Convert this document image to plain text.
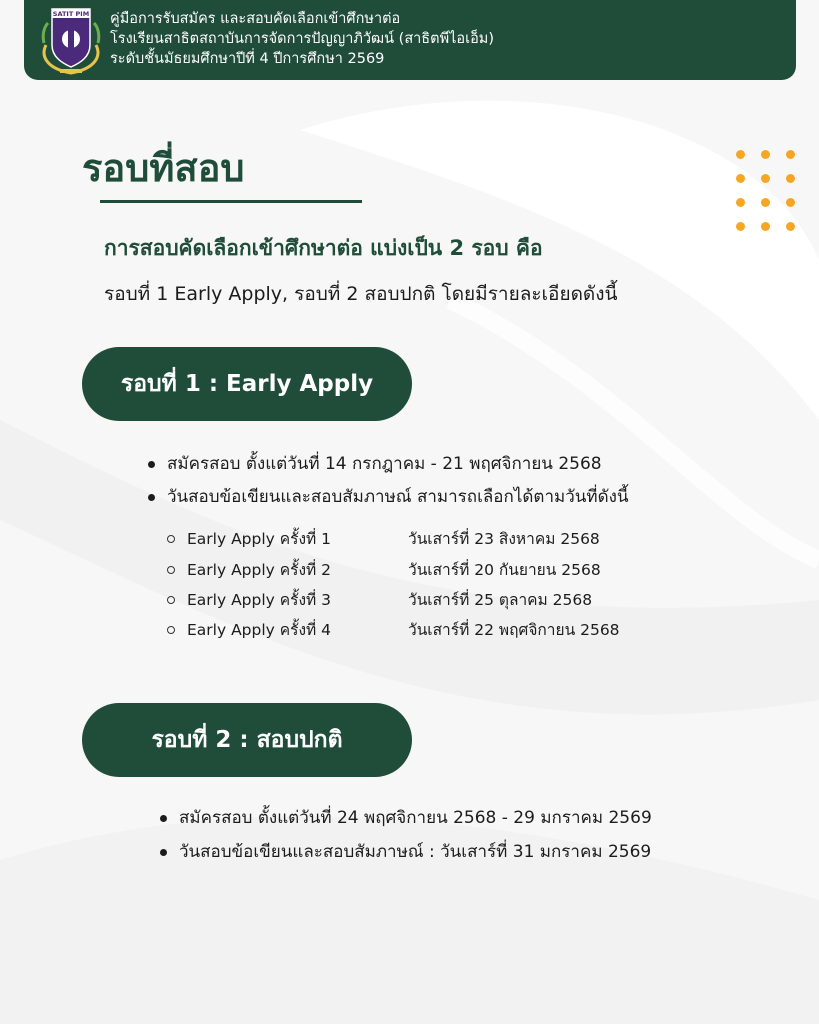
SATIT PIM คู่มือการรับสมัคร และสอบคัดเลือกเข้าศึกษาต่อ
โรงเรียนสาธิตสถาบันการจัดการปัญญาภิวัฒน์ (สาธิตพีไอเอ็ม)
ระดับชั้นมัธยมศึกษาปีที่ 4 ปีการศึกษา 2569
รอบที่สอบ
การสอบคัดเลือกเข้าศึกษาต่อ แบ่งเป็น 2 รอบ คือ
รอบที่ 1 Early Apply, รอบที่ 2 สอบปกติ โดยมีรายละเอียดดังนี้
รอบที่ 1 : Early Apply
สมัครสอบ ตั้งแต่วันที่ 14 กรกฎาคม - 21 พฤศจิกายน 2568
วันสอบข้อเขียนและสอบสัมภาษณ์ สามารถเลือกได้ตามวันที่ดังนี้
Early Apply ครั้งที่ 1	วันเสาร์ที่ 23 สิงหาคม 2568
Early Apply ครั้งที่ 2	วันเสาร์ที่ 20 กันยายน 2568
Early Apply ครั้งที่ 3	วันเสาร์ที่ 25 ตุลาคม 2568
Early Apply ครั้งที่ 4	วันเสาร์ที่ 22 พฤศจิกายน 2568
รอบที่ 2 : สอบปกติ
สมัครสอบ ตั้งแต่วันที่ 24 พฤศจิกายน 2568 - 29 มกราคม 2569
วันสอบข้อเขียนและสอบสัมภาษณ์ : วันเสาร์ที่ 31 มกราคม 2569
